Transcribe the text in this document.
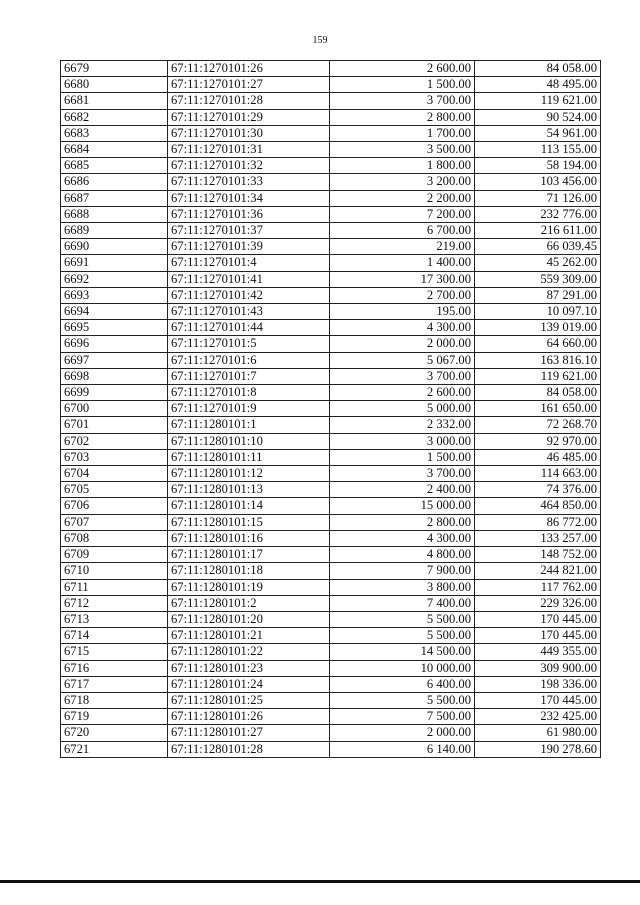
159
6679	67:11:1270101:26	2 600.00	84 058.00
6680	67:11:1270101:27	1 500.00	48 495.00
6681	67:11:1270101:28	3 700.00	119 621.00
6682	67:11:1270101:29	2 800.00	90 524.00
6683	67:11:1270101:30	1 700.00	54 961.00
6684	67:11:1270101:31	3 500.00	113 155.00
6685	67:11:1270101:32	1 800.00	58 194.00
6686	67:11:1270101:33	3 200.00	103 456.00
6687	67:11:1270101:34	2 200.00	71 126.00
6688	67:11:1270101:36	7 200.00	232 776.00
6689	67:11:1270101:37	6 700.00	216 611.00
6690	67:11:1270101:39	219.00	66 039.45
6691	67:11:1270101:4	1 400.00	45 262.00
6692	67:11:1270101:41	17 300.00	559 309.00
6693	67:11:1270101:42	2 700.00	87 291.00
6694	67:11:1270101:43	195.00	10 097.10
6695	67:11:1270101:44	4 300.00	139 019.00
6696	67:11:1270101:5	2 000.00	64 660.00
6697	67:11:1270101:6	5 067.00	163 816.10
6698	67:11:1270101:7	3 700.00	119 621.00
6699	67:11:1270101:8	2 600.00	84 058.00
6700	67:11:1270101:9	5 000.00	161 650.00
6701	67:11:1280101:1	2 332.00	72 268.70
6702	67:11:1280101:10	3 000.00	92 970.00
6703	67:11:1280101:11	1 500.00	46 485.00
6704	67:11:1280101:12	3 700.00	114 663.00
6705	67:11:1280101:13	2 400.00	74 376.00
6706	67:11:1280101:14	15 000.00	464 850.00
6707	67:11:1280101:15	2 800.00	86 772.00
6708	67:11:1280101:16	4 300.00	133 257.00
6709	67:11:1280101:17	4 800.00	148 752.00
6710	67:11:1280101:18	7 900.00	244 821.00
6711	67:11:1280101:19	3 800.00	117 762.00
6712	67:11:1280101:2	7 400.00	229 326.00
6713	67:11:1280101:20	5 500.00	170 445.00
6714	67:11:1280101:21	5 500.00	170 445.00
6715	67:11:1280101:22	14 500.00	449 355.00
6716	67:11:1280101:23	10 000.00	309 900.00
6717	67:11:1280101:24	6 400.00	198 336.00
6718	67:11:1280101:25	5 500.00	170 445.00
6719	67:11:1280101:26	7 500.00	232 425.00
6720	67:11:1280101:27	2 000.00	61 980.00
6721	67:11:1280101:28	6 140.00	190 278.60
